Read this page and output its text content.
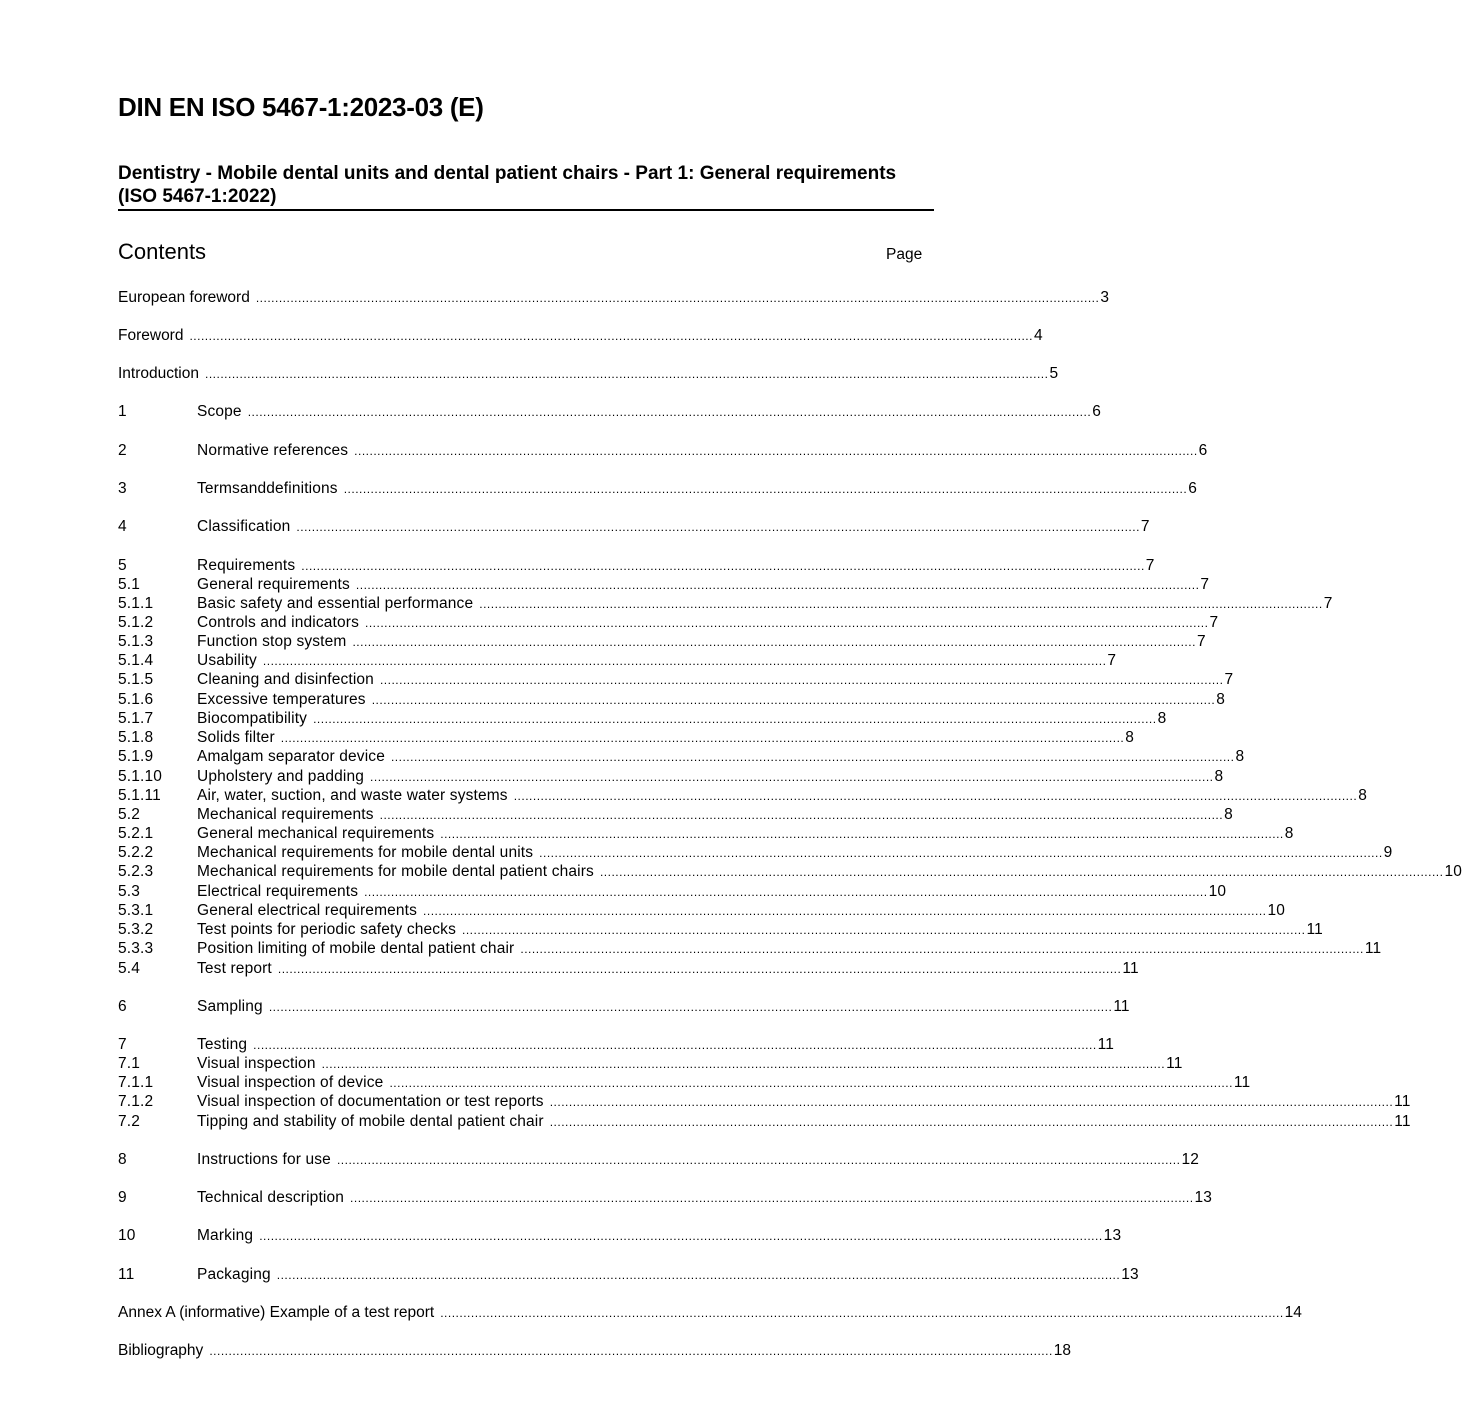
DIN EN ISO 5467-1:2023-03 (E)
Dentistry - Mobile dental units and dental patient chairs - Part 1: General requirements (ISO 5467-1:2022)
Contents	Page
European foreword ............................................................................................................................................................................................................................ 3
Foreword ............................................................................................................................................................................................................................ 4
Introduction ............................................................................................................................................................................................................................ 5
1	Scope ............................................................................................................................................................................................................................ 6
2	Normative references ............................................................................................................................................................................................................................ 6
3	Termsanddefinitions ............................................................................................................................................................................................................................ 6
4	Classification ............................................................................................................................................................................................................................ 7
5	Requirements ............................................................................................................................................................................................................................ 7
5.1	General requirements ............................................................................................................................................................................................................................ 7
5.1.1	Basic safety and essential performance ............................................................................................................................................................................................................................ 7
5.1.2	Controls and indicators ............................................................................................................................................................................................................................ 7
5.1.3	Function stop system ............................................................................................................................................................................................................................ 7
5.1.4	Usability ............................................................................................................................................................................................................................ 7
5.1.5	Cleaning and disinfection ............................................................................................................................................................................................................................ 7
5.1.6	Excessive temperatures ............................................................................................................................................................................................................................ 8
5.1.7	Biocompatibility ............................................................................................................................................................................................................................ 8
5.1.8	Solids filter ............................................................................................................................................................................................................................ 8
5.1.9	Amalgam separator device ............................................................................................................................................................................................................................ 8
5.1.10	Upholstery and padding ............................................................................................................................................................................................................................ 8
5.1.11	Air, water, suction, and waste water systems ............................................................................................................................................................................................................................ 8
5.2	Mechanical requirements ............................................................................................................................................................................................................................ 8
5.2.1	General mechanical requirements ............................................................................................................................................................................................................................ 8
5.2.2	Mechanical requirements for mobile dental units ............................................................................................................................................................................................................................ 9
5.2.3	Mechanical requirements for mobile dental patient chairs ............................................................................................................................................................................................................................ 10
5.3	Electrical requirements ............................................................................................................................................................................................................................ 10
5.3.1	General electrical requirements ............................................................................................................................................................................................................................ 10
5.3.2	Test points for periodic safety checks ............................................................................................................................................................................................................................ 11
5.3.3	Position limiting of mobile dental patient chair ............................................................................................................................................................................................................................ 11
5.4	Test report ............................................................................................................................................................................................................................ 11
6	Sampling ............................................................................................................................................................................................................................ 11
7	Testing ............................................................................................................................................................................................................................ 11
7.1	Visual inspection ............................................................................................................................................................................................................................ 11
7.1.1	Visual inspection of device ............................................................................................................................................................................................................................ 11
7.1.2	Visual inspection of documentation or test reports ............................................................................................................................................................................................................................ 11
7.2	Tipping and stability of mobile dental patient chair ............................................................................................................................................................................................................................ 11
8	Instructions for use ............................................................................................................................................................................................................................ 12
9	Technical description ............................................................................................................................................................................................................................ 13
10	Marking ............................................................................................................................................................................................................................ 13
11	Packaging ............................................................................................................................................................................................................................ 13
Annex A (informative) Example of a test report ............................................................................................................................................................................................................................ 14
Bibliography ............................................................................................................................................................................................................................ 18
